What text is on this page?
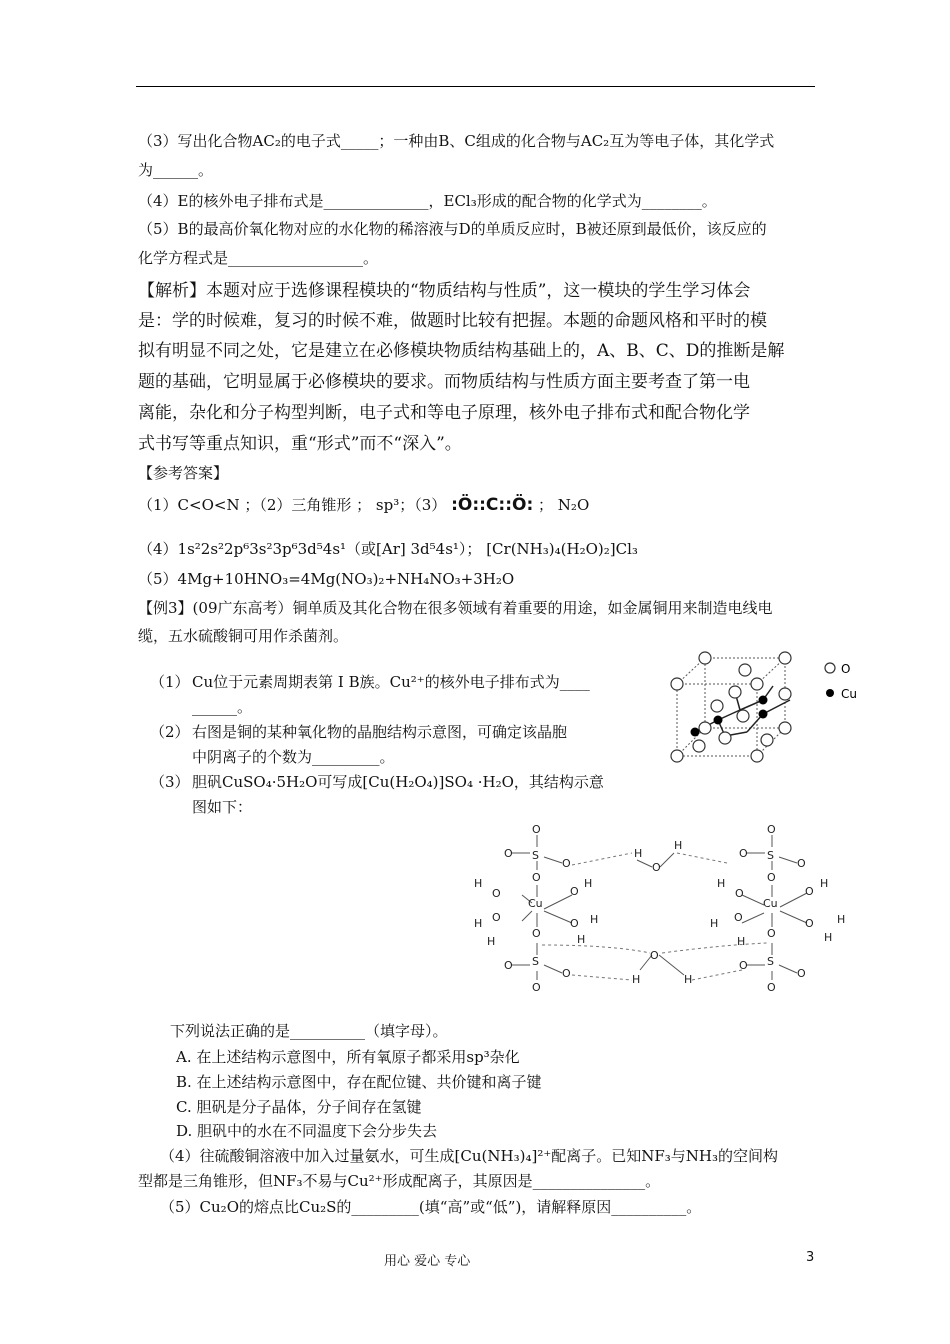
（3）写出化合物AC₂的电子式_____；一种由B、C组成的化合物与AC₂互为等电子体，其化学式
为______。
（4）E的核外电子排布式是______________，ECl₃形成的配合物的化学式为________。
（5）B的最高价氧化物对应的水化物的稀溶液与D的单质反应时，B被还原到最低价，该反应的
化学方程式是__________________。
【解析】本题对应于选修课程模块的“物质结构与性质”，这一模块的学生学习体会
是：学的时候难，复习的时候不难，做题时比较有把握。本题的命题风格和平时的模
拟有明显不同之处，它是建立在必修模块物质结构基础上的，A、B、C、D的推断是解
题的基础，它明显属于必修模块的要求。而物质结构与性质方面主要考查了第一电
离能，杂化和分子构型判断，电子式和等电子原理，核外电子排布式和配合物化学
式书写等重点知识，重“形式”而不“深入”。
【参考答案】
（1）C<O<N ；（2）三角锥形 ； sp³；（3） :Ö::C::Ö: ； N₂O
（4）1s²2s²2p⁶3s²3p⁶3d⁵4s¹（或[Ar] 3d⁵4s¹）； [Cr(NH₃)₄(H₂O)₂]Cl₃
（5）4Mg+10HNO₃=4Mg(NO₃)₂+NH₄NO₃+3H₂O
【例3】(09广东高考）铜单质及其化合物在很多领域有着重要的用途，如金属铜用来制造电线电
缆，五水硫酸铜可用作杀菌剂。
（1） Cu位于元素周期表第 I B族。Cu²⁺的核外电子排布式为____
______。
（2） 右图是铜的某种氧化物的晶胞结构示意图，可确定该晶胞
中阴离子的个数为_________。
（3） 胆矾CuSO₄·5H₂O可写成[Cu(H₂O₄)]SO₄ ·H₂O，其结构示意
图如下：
O
Cu
O
S
O
O
O
Cu
O
S
O
O
O
H
O
H O
H
O
H
O
H
H
O
S
O
O
O
Cu
O
S
O
O
O
H
O
H O
H
O
H
O
H
H
H
O
H
O
H	H
下列说法正确的是__________（填字母）。
A. 在上述结构示意图中，所有氧原子都采用sp³杂化
B. 在上述结构示意图中，存在配位键、共价键和离子键
C. 胆矾是分子晶体，分子间存在氢键
D. 胆矾中的水在不同温度下会分步失去
（4）往硫酸铜溶液中加入过量氨水，可生成[Cu(NH₃)₄]²⁺配离子。已知NF₃与NH₃的空间构
型都是三角锥形，但NF₃不易与Cu²⁺形成配离子，其原因是_______________。
（5）Cu₂O的熔点比Cu₂S的_________(填“高”或“低”)，请解释原因__________。
用心 爱心 专心	3
